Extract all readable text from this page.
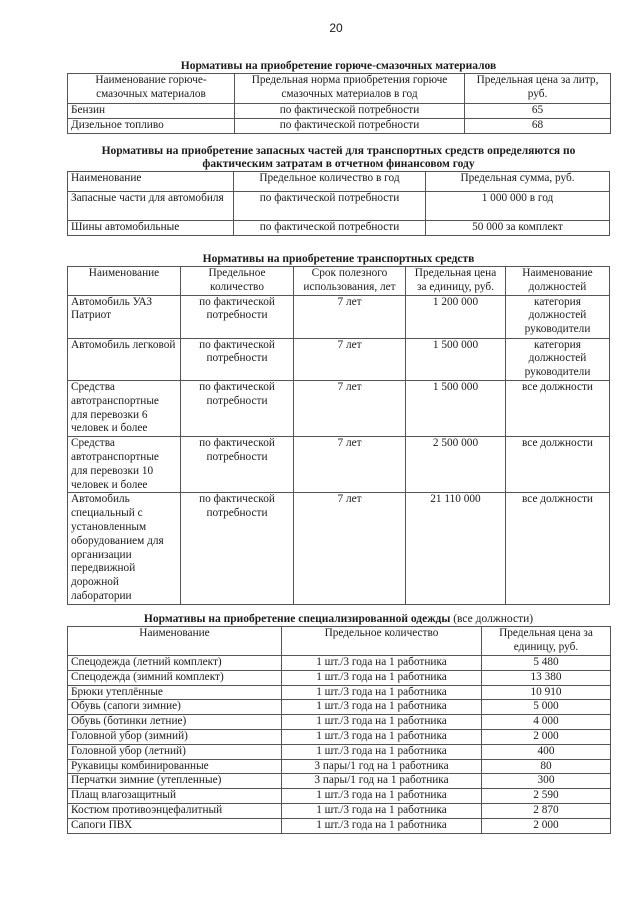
20
Нормативы на приобретение горюче-смазочных материалов
Наименование горюче-смазочных материалов	Предельная норма приобретения горюче смазочных материалов в год	Предельная цена за литр, руб.
Бензин	по фактической потребности	65
Дизельное топливо	по фактической потребности	68
Нормативы на приобретение запасных частей для транспортных средств определяются по фактическим затратам в отчетном финансовом году
Наименование	Предельное количество в год	Предельная сумма, руб.
Запасные части для автомобиля	по фактической потребности	1 000 000 в год
Шины автомобильные	по фактической потребности	50 000 за комплект
Нормативы на приобретение транспортных средств
Наименование	Предельное количество	Срок полезного использования, лет	Предельная цена за единицу, руб.	Наименование должностей
Автомобиль УАЗ Патриот	по фактической потребности	7 лет	1 200 000	категория должностей руководители
Автомобиль легковой	по фактической потребности	7 лет	1 500 000	категория должностей руководители
Средства автотранспортные для перевозки 6 человек и более	по фактической потребности	7 лет	1 500 000	все должности
Средства автотранспортные для перевозки 10 человек и более	по фактической потребности	7 лет	2 500 000	все должности
Автомобиль специальный с установленным оборудованием для организации передвижной дорожной лаборатории	по фактической потребности	7 лет	21 110 000	все должности
Нормативы на приобретение специализированной одежды (все должности)
Наименование	Предельное количество	Предельная цена за единицу, руб.
Спецодежда (летний комплект)	1 шт./3 года на 1 работника	5 480
Спецодежда (зимний комплект)	1 шт./3 года на 1 работника	13 380
Брюки утеплённые	1 шт./3 года на 1 работника	10 910
Обувь (сапоги зимние)	1 шт./3 года на 1 работника	5 000
Обувь (ботинки летние)	1 шт./3 года на 1 работника	4 000
Головной убор (зимний)	1 шт./3 года на 1 работника	2 000
Головной убор (летний)	1 шт./3 года на 1 работника	400
Рукавицы комбинированные	3 пары/1 год на 1 работника	80
Перчатки зимние (утепленные)	3 пары/1 год на 1 работника	300
Плащ влагозащитный	1 шт./3 года на 1 работника	2 590
Костюм противоэнцефалитный	1 шт./3 года на 1 работника	2 870
Сапоги ПВХ	1 шт./3 года на 1 работника	2 000
